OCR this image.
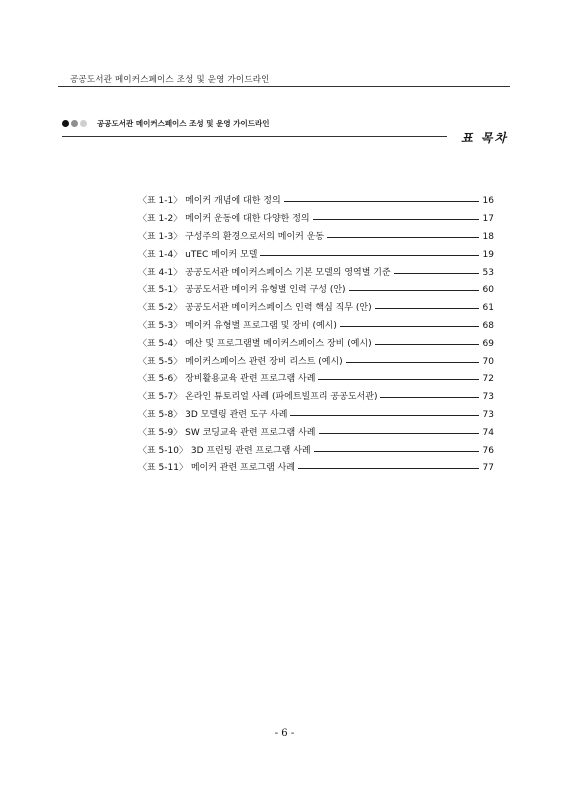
공공도서관 메이커스페이스 조성 및 운영 가이드라인
공공도서관 메이커스페이스 조성 및 운영 가이드라인
표 목차
〈표 1-1〉 메이커 개념에 대한 정의	16
〈표 1-2〉 메이커 운동에 대한 다양한 정의	17
〈표 1-3〉 구성주의 환경으로서의 메이커 운동	18
〈표 1-4〉 uTEC 메이커 모델	19
〈표 4-1〉 공공도서관 메이커스페이스 기본 모델의 영역별 기준	53
〈표 5-1〉 공공도서관 메이커 유형별 인력 구성 (안)	60
〈표 5-2〉 공공도서관 메이커스페이스 인력 핵심 직무 (안)	61
〈표 5-3〉 메이커 유형별 프로그램 및 장비 (예시)	68
〈표 5-4〉 예산 및 프로그램별 메이커스페이스 장비 (예시)	69
〈표 5-5〉 메이커스페이스 관련 장비 리스트 (예시)	70
〈표 5-6〉 장비활용교육 관련 프로그램 사례	72
〈표 5-7〉 온라인 튜토리얼 사례 (파에트빌프리 공공도서관)	73
〈표 5-8〉 3D 모델링 관련 도구 사례	73
〈표 5-9〉 SW 코딩교육 관련 프로그램 사례	74
〈표 5-10〉 3D 프린팅 관련 프로그램 사례	76
〈표 5-11〉 메이커 관련 프로그램 사례	77
- 6 -
